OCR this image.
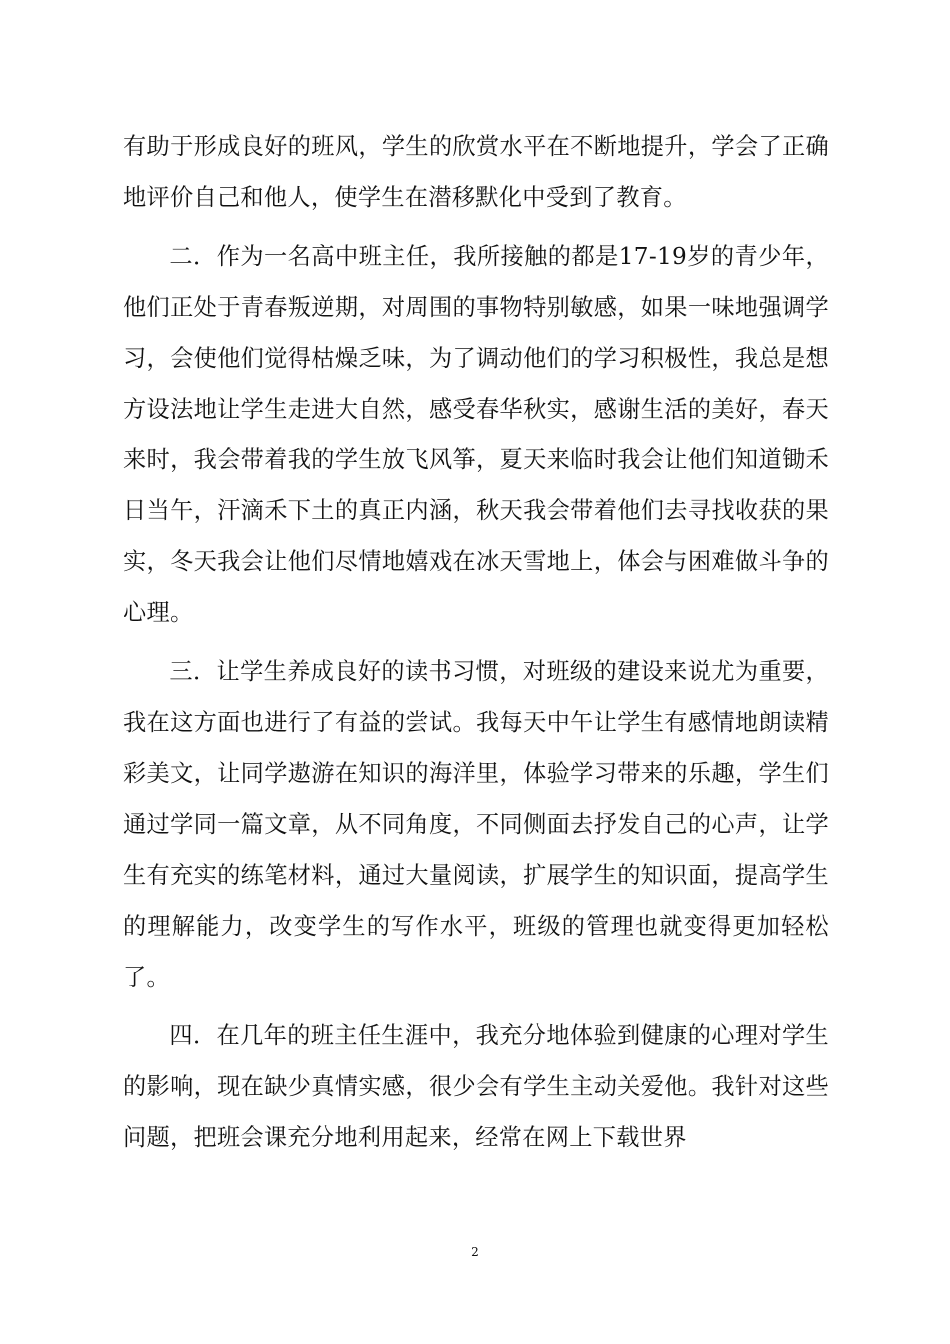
有助于形成良好的班风，学生的欣赏水平在不断地提升，学会了正确地评价自己和他人，使学生在潜移默化中受到了教育。

二．作为一名高中班主任，我所接触的都是17-19岁的青少年，他们正处于青春叛逆期，对周围的事物特别敏感，如果一味地强调学习，会使他们觉得枯燥乏味，为了调动他们的学习积极性，我总是想方设法地让学生走进大自然，感受春华秋实，感谢生活的美好，春天来时，我会带着我的学生放飞风筝，夏天来临时我会让他们知道锄禾日当午，汗滴禾下土的真正内涵，秋天我会带着他们去寻找收获的果实，冬天我会让他们尽情地嬉戏在冰天雪地上，体会与困难做斗争的心理。

三．让学生养成良好的读书习惯，对班级的建设来说尤为重要，我在这方面也进行了有益的尝试。我每天中午让学生有感情地朗读精彩美文，让同学遨游在知识的海洋里，体验学习带来的乐趣，学生们通过学同一篇文章，从不同角度，不同侧面去抒发自己的心声，让学生有充实的练笔材料，通过大量阅读，扩展学生的知识面，提高学生的理解能力，改变学生的写作水平，班级的管理也就变得更加轻松了。

四．在几年的班主任生涯中，我充分地体验到健康的心理对学生的影响，现在缺少真情实感，很少会有学生主动关爱他。我针对这些问题，把班会课充分地利用起来，经常在网上下载世界

2
